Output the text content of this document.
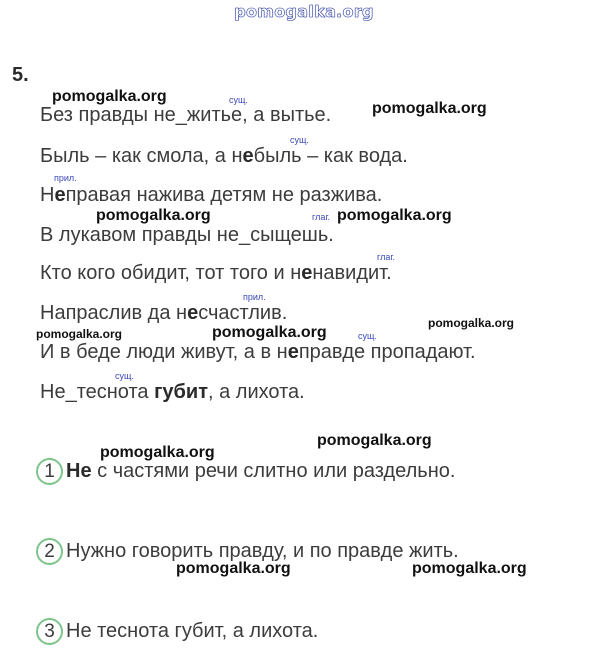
pomogalka.org
5.
Без правды не_житье, а вытье.
Быль – как смола, а небыль – как вода.
Неправая нажива детям не разжива.
В лукавом правды не_сыщешь.
Кто кого обидит, тот того и ненавидит.
Напраслив да несчастлив.
И в беде люди живут, а в неправде пропадают.
Не_теснота губит, а лихота.
сущ.
сущ.
прил.
глаг.
глаг.
прил.
сущ.
сущ.
pomogalka.org
pomogalka.org
pomogalka.org	pomogalka.org
pomogalka.org	pomogalka.org
pomogalka.org
pomogalka.org
pomogalka.org
pomogalka.org	pomogalka.org
1 Не с частями речи слитно или раздельно.
2 Нужно говорить правду, и по правде жить.
3 Не теснота губит, а лихота.
